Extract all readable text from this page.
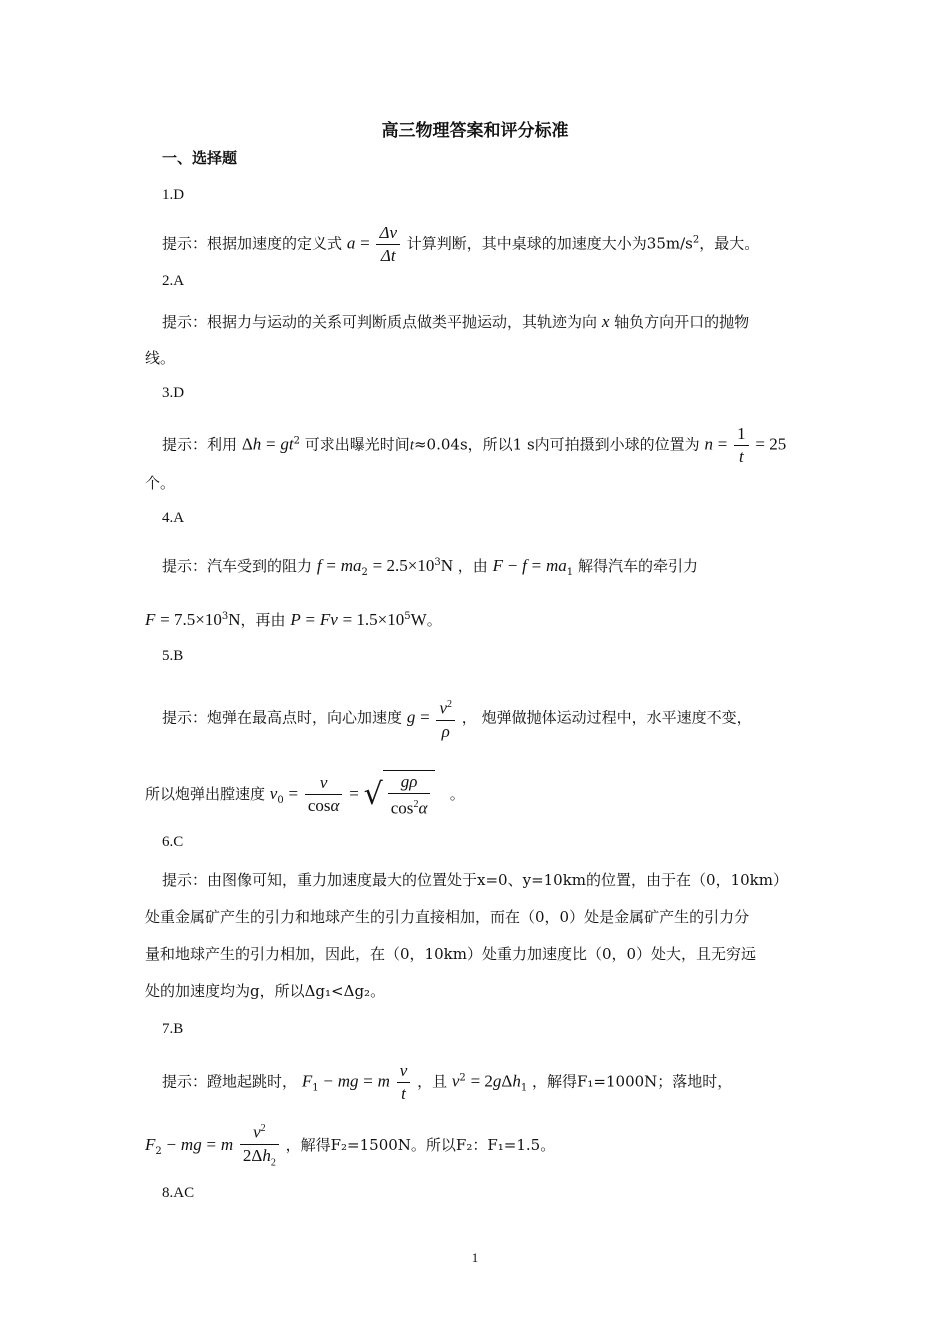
高三物理答案和评分标准
一、选择题
1.D
提示：根据加速度的定义式 $a = \frac{\Delta v}{\Delta t}$ 计算判断，其中桌球的加速度大小为$35m/s^2$，最大。
2.A
提示：根据力与运动的关系可判断质点做类平抛运动，其轨迹为向 x 轴负方向开口的抛物
线。
3.D
提示：利用 $\Delta h = gt^2$ 可求出曝光时间t≈0.04s，所以1 s内可拍摄到小球的位置为 $n = \frac{1}{t} = 25$
个。
4.A
提示：汽车受到的阻力 $f = ma_2 = 2.5\times 10^3N$ ，由 $F - f = ma_1$ 解得汽车的牵引力
$F = 7.5\times 10^3N$，再由 $P = Fv = 1.5\times 10^5W$。
5.B
提示：炮弹在最高点时，向心加速度 $g = \frac{v^2}{\rho}$ ， 炮弹做抛体运动过程中，水平速度不变，
所以炮弹出膛速度 $v_0 = \frac{v}{\cos\alpha}$ = √ $\frac{g\rho}{\cos^2\alpha}$ 。
6.C
提示：由图像可知，重力加速度最大的位置处于x=0、y=10km的位置，由于在（0，10km）
处重金属矿产生的引力和地球产生的引力直接相加，而在（0，0）处是金属矿产生的引力分
量和地球产生的引力相加，因此，在（0，10km）处重力加速度比（0，0）处大，且无穷远
处的加速度均为g，所以Δg₁<Δg₂。
7.B
提示：蹬地起跳时， $F_1$ − mg = m $\frac{v}{t}$ ，且 $v^2 = 2g\Delta h_1$ ，解得F₁=1000N；落地时，
$F_2$ − mg = m $\frac{v^2}{2\Delta h_2}$ ，解得F₂=1500N。所以F₂：F₁=1.5。
8.AC
1
